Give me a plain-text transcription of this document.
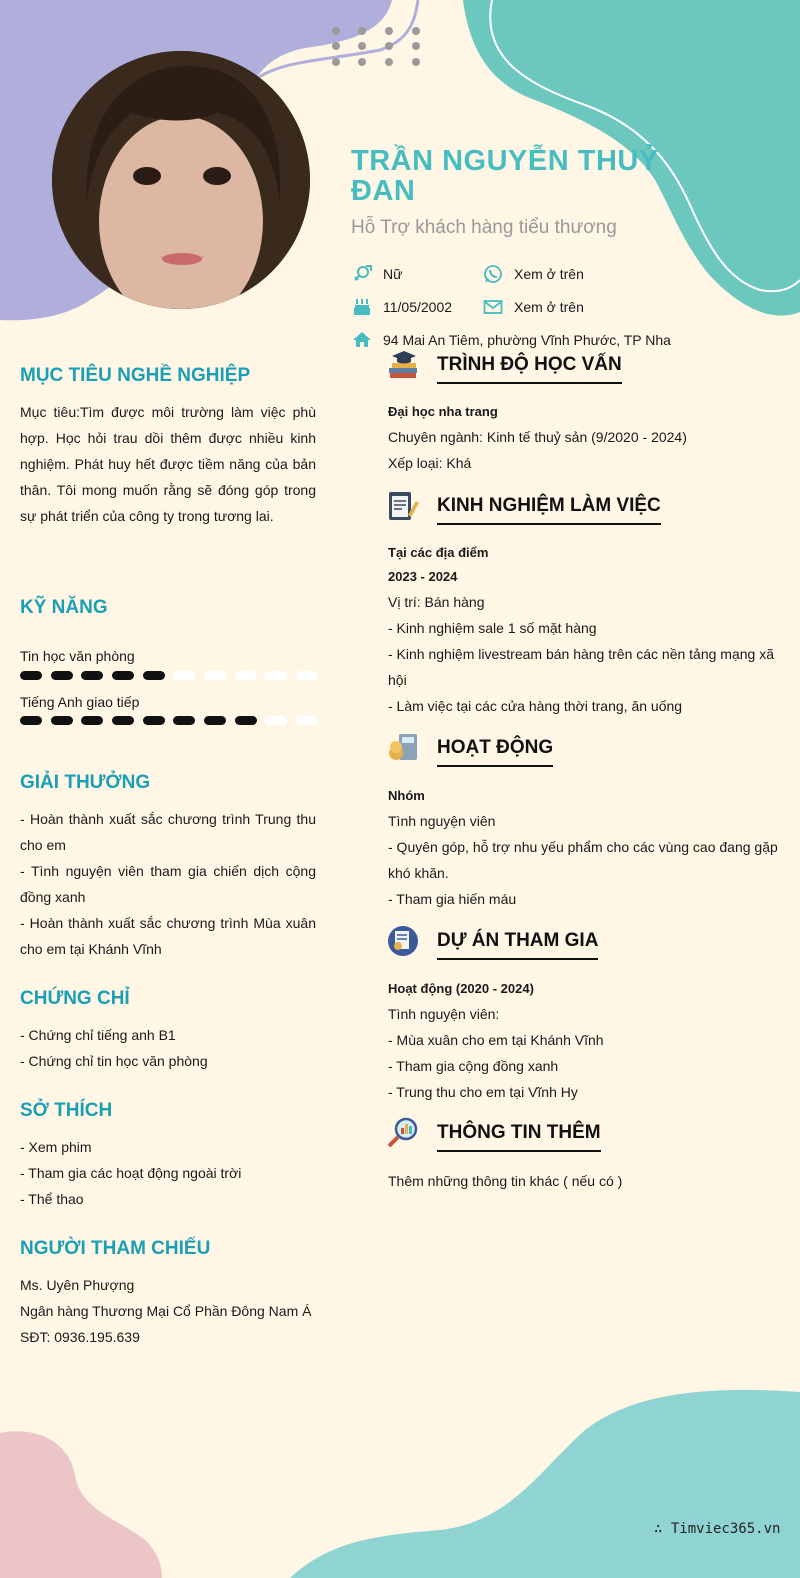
TRẦN NGUYỄN THUỶ ĐAN
Hỗ Trợ khách hàng tiểu thương
Nữ	Xem ở trên
11/05/2002	Xem ở trên
94 Mai An Tiêm, phường Vĩnh Phước, TP Nha
MỤC TIÊU NGHỀ NGHIỆP

Mục tiêu:Tìm được môi trường làm việc phù hợp. Học hỏi trau dồi thêm được nhiều kinh nghiệm. Phát huy hết được tiềm năng của bản thân. Tôi mong muốn rằng sẽ đóng góp trong sự phát triển của công ty trong tương lai.

KỸ NĂNG
Tin học văn phòng
Tiếng Anh giao tiếp
GIẢI THƯỞNG

- Hoàn thành xuất sắc chương trình Trung thu cho em

- Tình nguyện viên tham gia chiến dịch cộng đồng xanh

- Hoàn thành xuất sắc chương trình Mùa xuân cho em tại Khánh Vĩnh

CHỨNG CHỈ

- Chứng chỉ tiếng anh B1

- Chứng chỉ tin học văn phòng

SỞ THÍCH

- Xem phim

- Tham gia các hoạt động ngoài trời

- Thể thao

NGƯỜI THAM CHIẾU

Ms. Uyên Phượng

Ngân hàng Thương Mại Cổ Phần Đông Nam Á

SĐT: 0936.195.639

TRÌNH ĐỘ HỌC VẤN

Đại học nha trang

Chuyên ngành: Kinh tế thuỷ sản (9/2020 - 2024)

Xếp loại: Khá

KINH NGHIỆM LÀM VIỆC

Tại các địa điểm

2023 - 2024

Vị trí: Bán hàng

- Kinh nghiệm sale 1 số mặt hàng

- Kinh nghiệm livestream bán hàng trên các nền tảng mạng xã hội

- Làm việc tại các cửa hàng thời trang, ăn uống

HOẠT ĐỘNG

Nhóm

Tình nguyện viên

- Quyên góp, hỗ trợ nhu yếu phẩm cho các vùng cao đang gặp khó khăn.

- Tham gia hiến máu

DỰ ÁN THAM GIA

Hoạt động (2020 - 2024)

Tình nguyện viên:

- Mùa xuân cho em tại Khánh Vĩnh

- Tham gia cộng đồng xanh

- Trung thu cho em tại Vĩnh Hy

THÔNG TIN THÊM

Thêm những thông tin khác ( nếu có )

∴ Timviec365.vn
